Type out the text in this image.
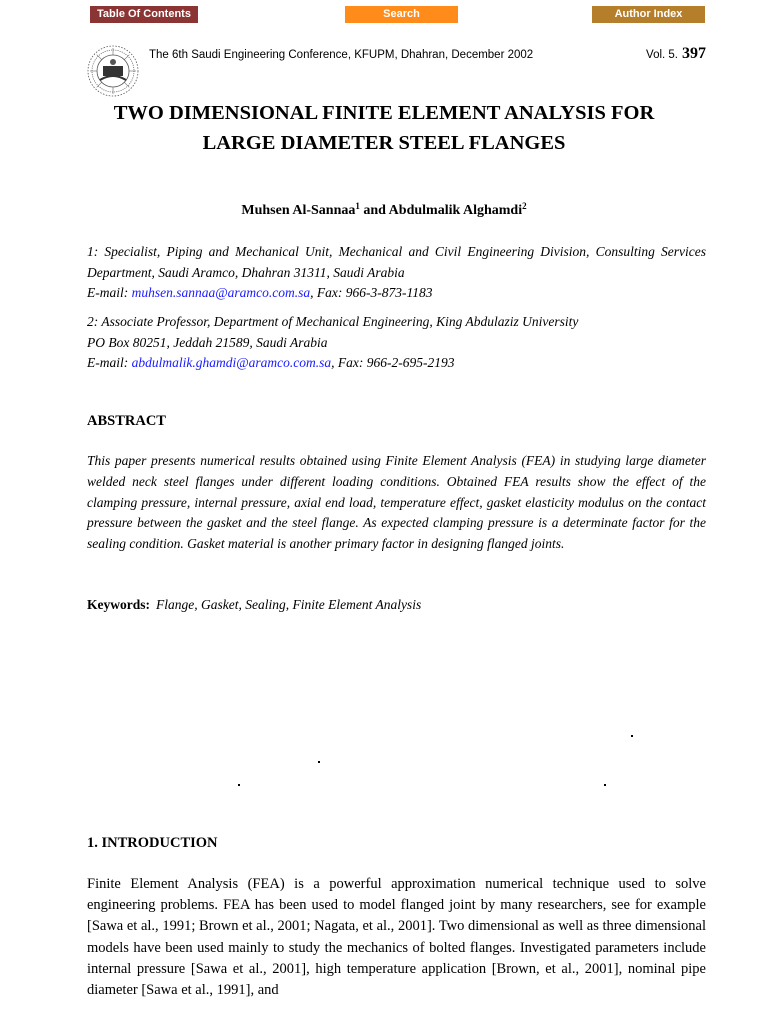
Table Of Contents	Search	Author Index
The 6th Saudi Engineering Conference, KFUPM, Dhahran, December 2002	Vol. 5. 397
TWO DIMENSIONAL FINITE ELEMENT ANALYSIS FOR
LARGE DIAMETER STEEL FLANGES
Muhsen Al-Sannaa$^1$ and Abdulmalik Alghamdi$^2$
1: Specialist, Piping and Mechanical Unit, Mechanical and Civil Engineering Division, Consulting Services Department, Saudi Aramco, Dhahran 31311, Saudi Arabia
E-mail: muhsen.sannaa@aramco.com.sa, Fax: 966-3-873-1183
2: Associate Professor, Department of Mechanical Engineering, King Abdulaziz University
PO Box 80251, Jeddah 21589, Saudi Arabia
E-mail: abdulmalik.ghamdi@aramco.com.sa, Fax: 966-2-695-2193
ABSTRACT

This paper presents numerical results obtained using Finite Element Analysis (FEA) in studying large diameter welded neck steel flanges under different loading conditions. Obtained FEA results show the effect of the clamping pressure, internal pressure, axial end load, temperature effect, gasket elasticity modulus on the contact pressure between the gasket and the steel flange. As expected clamping pressure is a determinate factor for the sealing condition. Gasket material is another primary factor in designing flanged joints.

Keywords: Flange, Gasket, Sealing, Finite Element Analysis
1. INTRODUCTION

Finite Element Analysis (FEA) is a powerful approximation numerical technique used to solve engineering problems. FEA has been used to model flanged joint by many researchers, see for example [Sawa et al., 1991; Brown et al., 2001; Nagata, et al., 2001]. Two dimensional as well as three dimensional models have been used mainly to study the mechanics of bolted flanges. Investigated parameters include internal pressure [Sawa et al., 2001], high temperature application [Brown, et al., 2001], nominal pipe diameter [Sawa et al., 1991], and
